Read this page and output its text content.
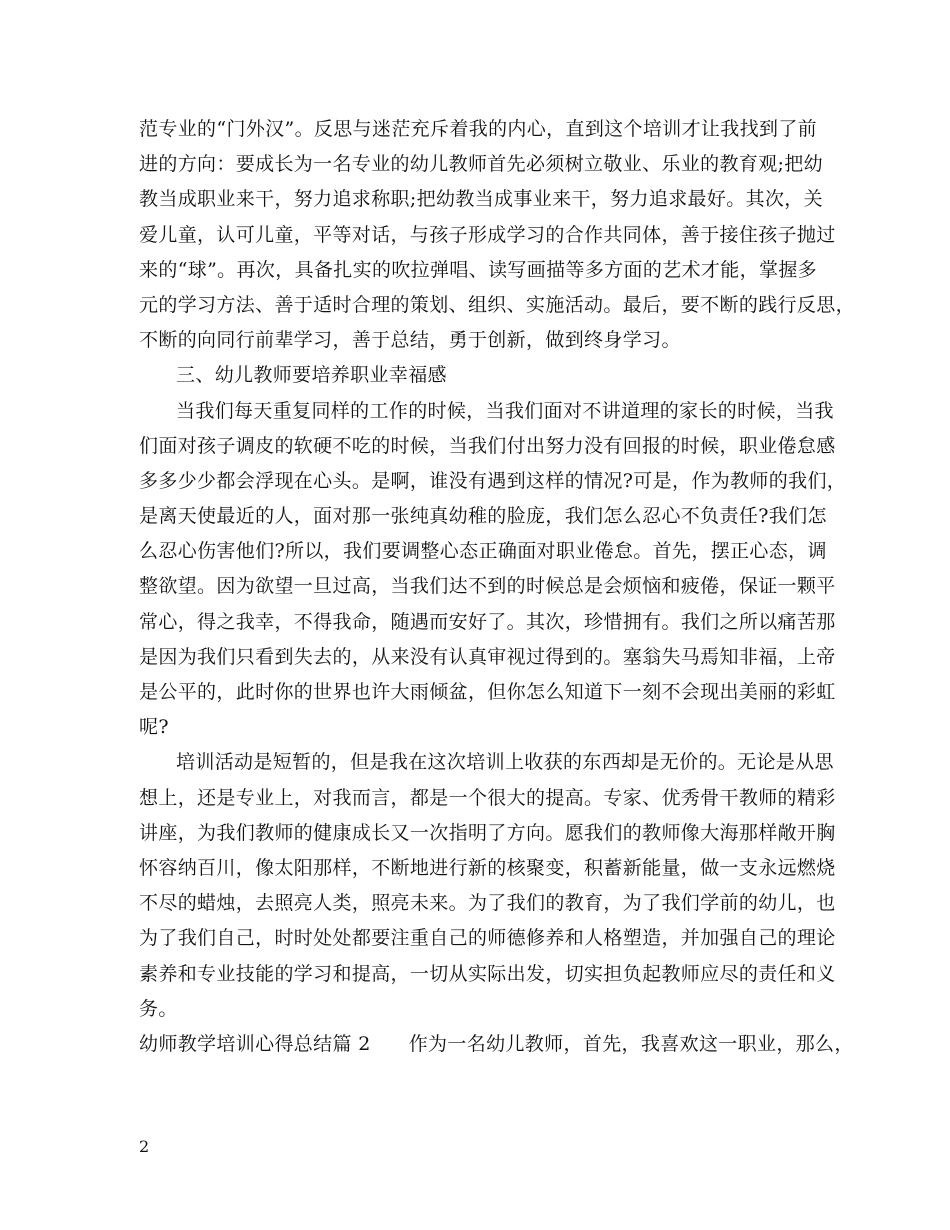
范专业的“门外汉”。反思与迷茫充斥着我的内心，直到这个培训才让我找到了前
进的方向：要成长为一名专业的幼儿教师首先必须树立敬业、乐业的教育观;把幼
教当成职业来干，努力追求称职;把幼教当成事业来干，努力追求最好。其次，关
爱儿童，认可儿童，平等对话，与孩子形成学习的合作共同体，善于接住孩子抛过
来的“球”。再次，具备扎实的吹拉弹唱、读写画描等多方面的艺术才能，掌握多
元的学习方法、善于适时合理的策划、组织、实施活动。最后，要不断的践行反思，
不断的向同行前辈学习，善于总结，勇于创新，做到终身学习。
三、幼儿教师要培养职业幸福感
当我们每天重复同样的工作的时候，当我们面对不讲道理的家长的时候，当我
们面对孩子调皮的软硬不吃的时候，当我们付出努力没有回报的时候，职业倦怠感
多多少少都会浮现在心头。是啊，谁没有遇到这样的情况?可是，作为教师的我们，
是离天使最近的人，面对那一张纯真幼稚的脸庞，我们怎么忍心不负责任?我们怎
么忍心伤害他们?所以，我们要调整心态正确面对职业倦怠。首先，摆正心态，调
整欲望。因为欲望一旦过高，当我们达不到的时候总是会烦恼和疲倦，保证一颗平
常心，得之我幸，不得我命，随遇而安好了。其次，珍惜拥有。我们之所以痛苦那
是因为我们只看到失去的，从来没有认真审视过得到的。塞翁失马焉知非福，上帝
是公平的，此时你的世界也许大雨倾盆，但你怎么知道下一刻不会现出美丽的彩虹
呢?
培训活动是短暂的，但是我在这次培训上收获的东西却是无价的。无论是从思
想上，还是专业上，对我而言，都是一个很大的提高。专家、优秀骨干教师的精彩
讲座，为我们教师的健康成长又一次指明了方向。愿我们的教师像大海那样敞开胸
怀容纳百川，像太阳那样，不断地进行新的核聚变，积蓄新能量，做一支永远燃烧
不尽的蜡烛，去照亮人类，照亮未来。为了我们的教育，为了我们学前的幼儿，也
为了我们自己，时时处处都要注重自己的师德修养和人格塑造，并加强自己的理论
素养和专业技能的学习和提高，一切从实际出发，切实担负起教师应尽的责任和义
务。
幼师教学培训心得总结篇 2 作为一名幼儿教师，首先，我喜欢这一职业，那么，
2
